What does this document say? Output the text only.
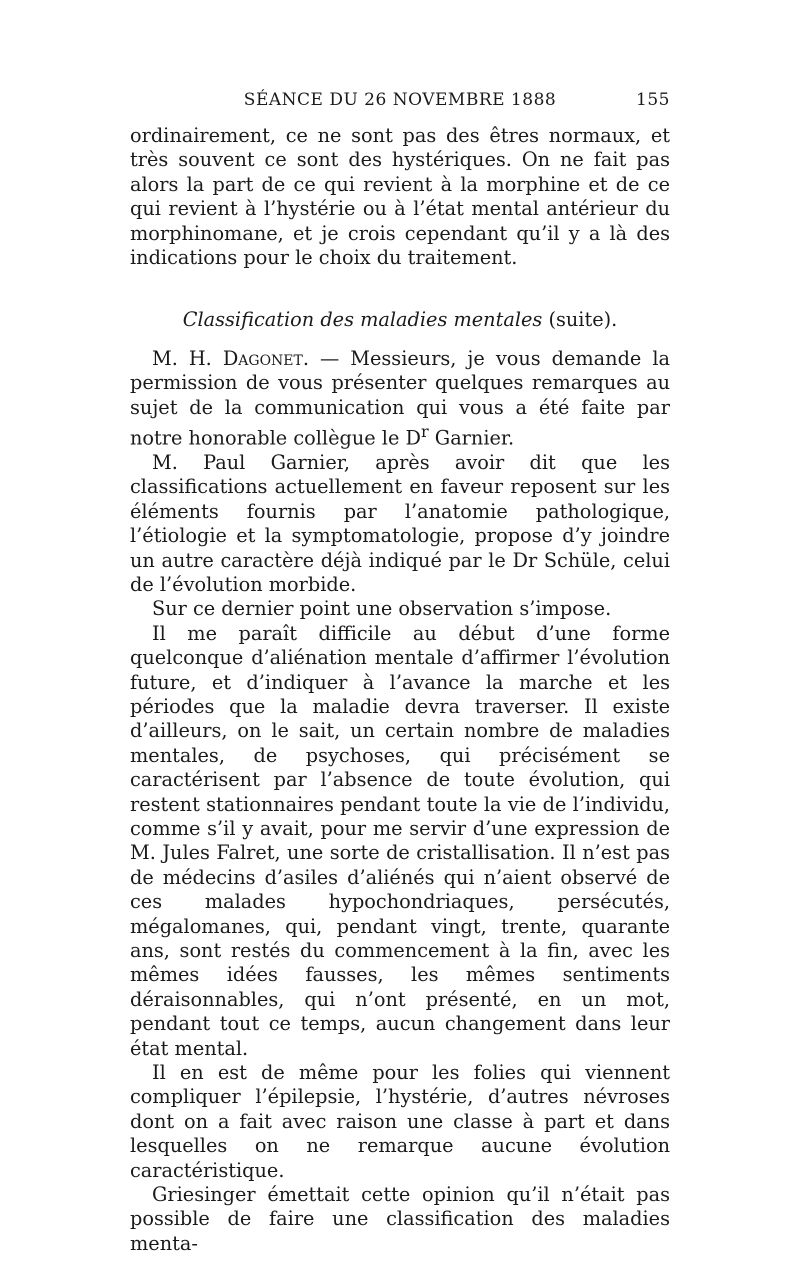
SÉANCE DU 26 NOVEMBRE 1888	155

ordinairement, ce ne sont pas des êtres normaux, et très souvent ce sont des hystériques. On ne fait pas alors la part de ce qui revient à la morphine et de ce qui revient à l’hystérie ou à l’état mental antérieur du morphinomane, et je crois cependant qu’il y a là des indications pour le choix du traitement.

Classification des maladies mentales (suite).

M. H. Dagonet. — Messieurs, je vous demande la permission de vous présenter quelques remarques au sujet de la communication qui vous a été faite par notre honorable collègue le $D^r$ Garnier.

M. Paul Garnier, après avoir dit que les classifications actuellement en faveur reposent sur les éléments fournis par l’anatomie pathologique, l’étiologie et la symptomatologie, propose d’y joindre un autre caractère déjà indiqué par le Dr Schüle, celui de l’évolution morbide.

Sur ce dernier point une observation s’impose.

Il me paraît difficile au début d’une forme quelconque d’aliénation mentale d’affirmer l’évolution future, et d’indiquer à l’avance la marche et les périodes que la maladie devra traverser. Il existe d’ailleurs, on le sait, un certain nombre de maladies mentales, de psychoses, qui précisément se caractérisent par l’absence de toute évolution, qui restent stationnaires pendant toute la vie de l’individu, comme s’il y avait, pour me servir d’une expression de M. Jules Falret, une sorte de cristallisation. Il n’est pas de médecins d’asiles d’aliénés qui n’aient observé de ces malades hypochondriaques, persécutés, mégalomanes, qui, pendant vingt, trente, quarante ans, sont restés du commencement à la fin, avec les mêmes idées fausses, les mêmes sentiments déraisonnables, qui n’ont présenté, en un mot, pendant tout ce temps, aucun changement dans leur état mental.

Il en est de même pour les folies qui viennent compliquer l’épilepsie, l’hystérie, d’autres névroses dont on a fait avec raison une classe à part et dans lesquelles on ne remarque aucune évolution caractéristique.

Griesinger émettait cette opinion qu’il n’était pas possible de faire une classification des maladies menta-
